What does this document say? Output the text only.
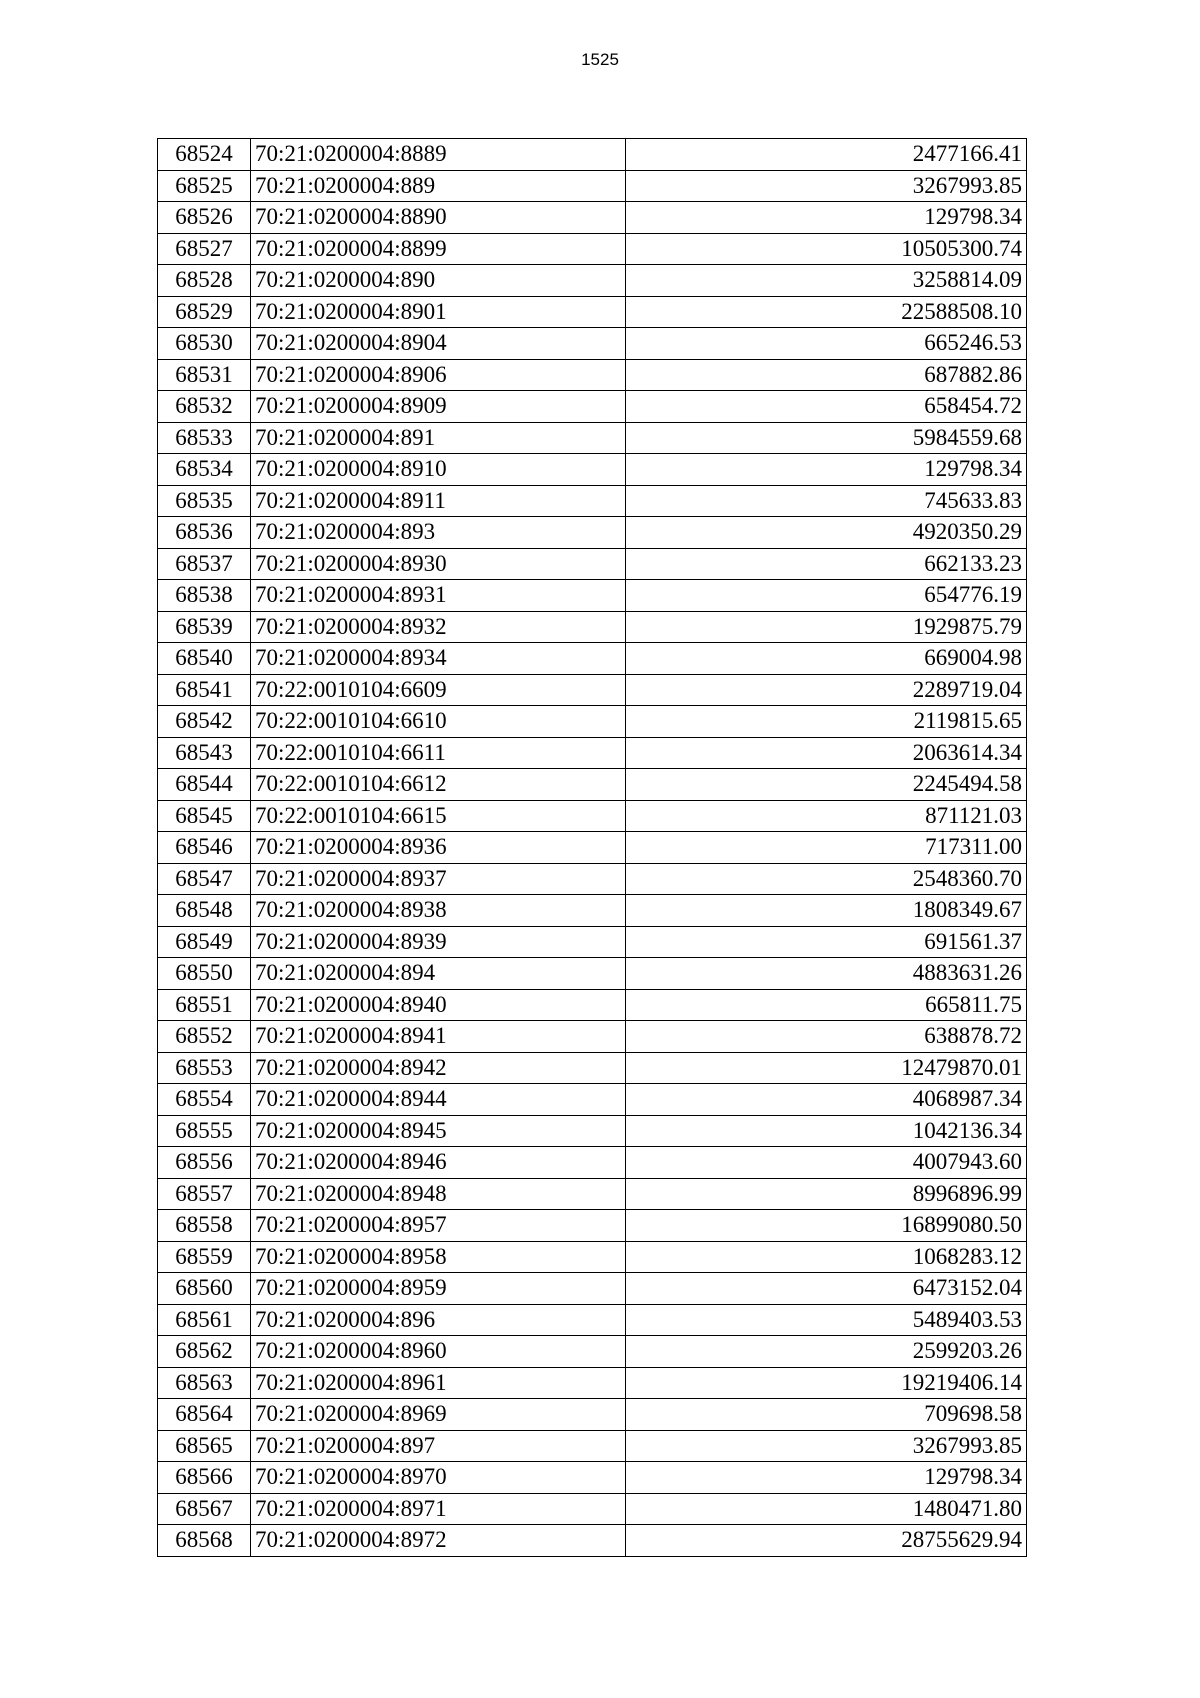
1525
68524	70:21:0200004:8889	2477166.41
68525	70:21:0200004:889	3267993.85
68526	70:21:0200004:8890	129798.34
68527	70:21:0200004:8899	10505300.74
68528	70:21:0200004:890	3258814.09
68529	70:21:0200004:8901	22588508.10
68530	70:21:0200004:8904	665246.53
68531	70:21:0200004:8906	687882.86
68532	70:21:0200004:8909	658454.72
68533	70:21:0200004:891	5984559.68
68534	70:21:0200004:8910	129798.34
68535	70:21:0200004:8911	745633.83
68536	70:21:0200004:893	4920350.29
68537	70:21:0200004:8930	662133.23
68538	70:21:0200004:8931	654776.19
68539	70:21:0200004:8932	1929875.79
68540	70:21:0200004:8934	669004.98
68541	70:22:0010104:6609	2289719.04
68542	70:22:0010104:6610	2119815.65
68543	70:22:0010104:6611	2063614.34
68544	70:22:0010104:6612	2245494.58
68545	70:22:0010104:6615	871121.03
68546	70:21:0200004:8936	717311.00
68547	70:21:0200004:8937	2548360.70
68548	70:21:0200004:8938	1808349.67
68549	70:21:0200004:8939	691561.37
68550	70:21:0200004:894	4883631.26
68551	70:21:0200004:8940	665811.75
68552	70:21:0200004:8941	638878.72
68553	70:21:0200004:8942	12479870.01
68554	70:21:0200004:8944	4068987.34
68555	70:21:0200004:8945	1042136.34
68556	70:21:0200004:8946	4007943.60
68557	70:21:0200004:8948	8996896.99
68558	70:21:0200004:8957	16899080.50
68559	70:21:0200004:8958	1068283.12
68560	70:21:0200004:8959	6473152.04
68561	70:21:0200004:896	5489403.53
68562	70:21:0200004:8960	2599203.26
68563	70:21:0200004:8961	19219406.14
68564	70:21:0200004:8969	709698.58
68565	70:21:0200004:897	3267993.85
68566	70:21:0200004:8970	129798.34
68567	70:21:0200004:8971	1480471.80
68568	70:21:0200004:8972	28755629.94
